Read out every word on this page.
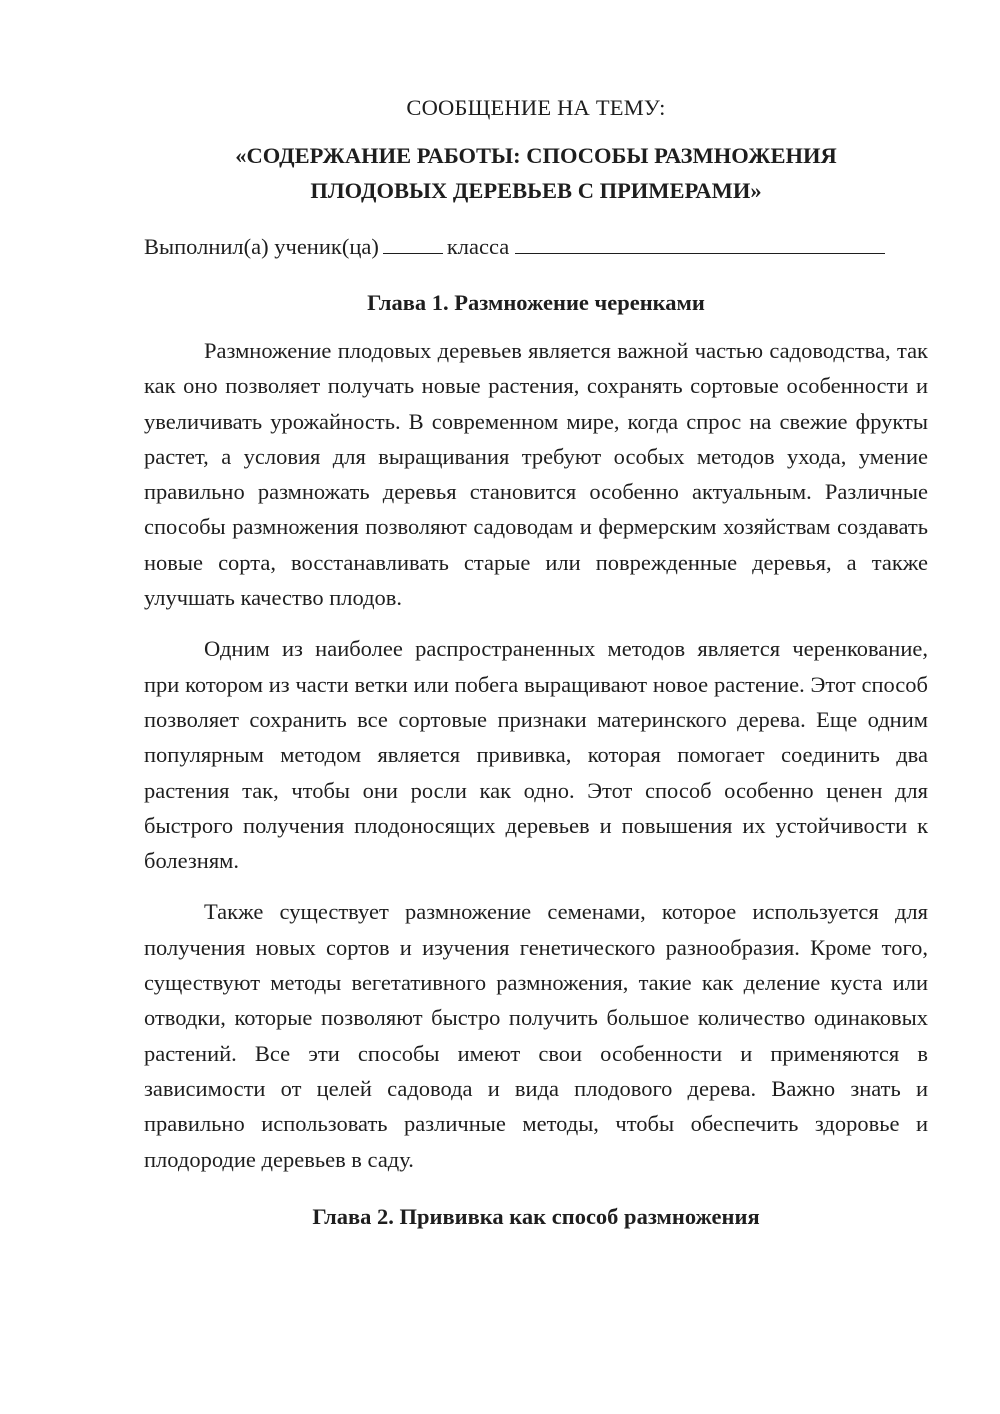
СООБЩЕНИЕ НА ТЕМУ:
«СОДЕРЖАНИЕ РАБОТЫ: СПОСОБЫ РАЗМНОЖЕНИЯ
ПЛОДОВЫХ ДЕРЕВЬЕВ С ПРИМЕРАМИ»
Выполнил(а) ученик(ца)	класса
Глава 1. Размножение черенками

Размножение плодовых деревьев является важной частью садоводства, так как оно позволяет получать новые растения, сохранять сортовые особенности и увеличивать урожайность. В современном мире, когда спрос на свежие фрукты растет, а условия для выращивания требуют особых методов ухода, умение правильно размножать деревья становится особенно актуальным. Различные способы размножения позволяют садоводам и фермерским хозяйствам создавать новые сорта, восстанавливать старые или поврежденные деревья, а также улучшать качество плодов.

Одним из наиболее распространенных методов является черенкование, при котором из части ветки или побега выращивают новое растение. Этот способ позволяет сохранить все сортовые признаки материнского дерева. Еще одним популярным методом является прививка, которая помогает соединить два растения так, чтобы они росли как одно. Этот способ особенно ценен для быстрого получения плодоносящих деревьев и повышения их устойчивости к болезням.

Также существует размножение семенами, которое используется для получения новых сортов и изучения генетического разнообразия. Кроме того, существуют методы вегетативного размножения, такие как деление куста или отводки, которые позволяют быстро получить большое количество одинаковых растений. Все эти способы имеют свои особенности и применяются в зависимости от целей садовода и вида плодового дерева. Важно знать и правильно использовать различные методы, чтобы обеспечить здоровье и плодородие деревьев в саду.

Глава 2. Прививка как способ размножения
